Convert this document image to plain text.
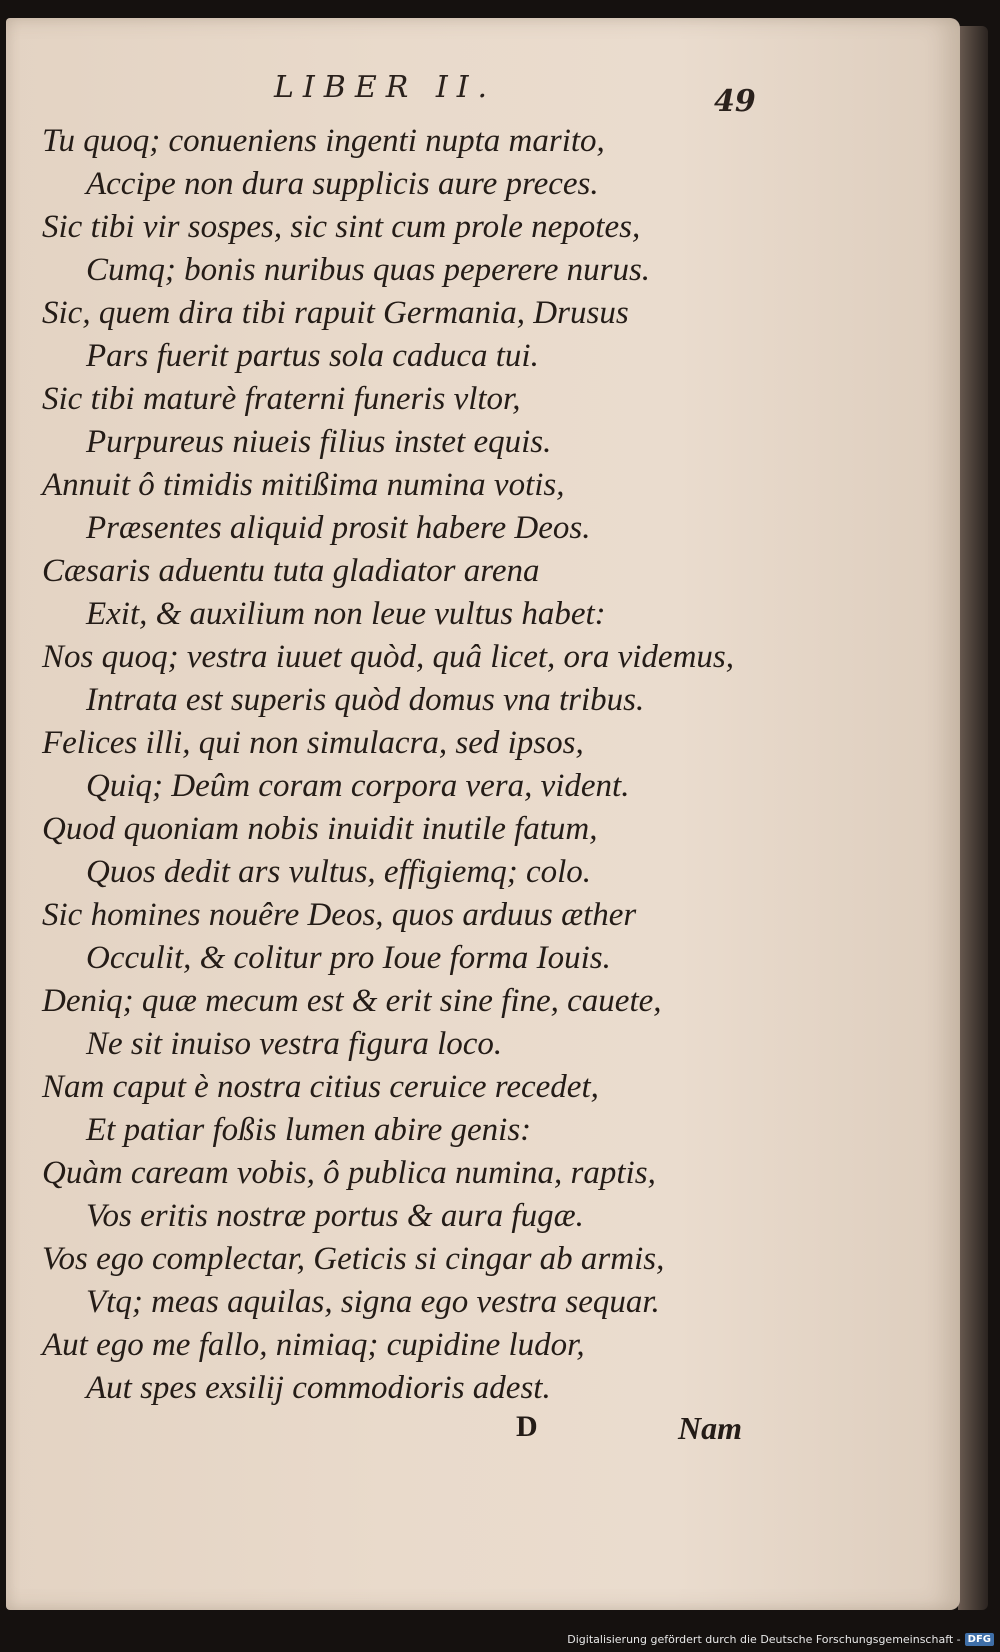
LIBER II.	49
Tu quoq; conueniens ingenti nupta marito,
Accipe non dura supplicis aure preces.
Sic tibi vir sospes, sic sint cum prole nepotes,
Cumq; bonis nuribus quas peperere nurus.
Sic, quem dira tibi rapuit Germania, Drusus
Pars fuerit partus sola caduca tui.
Sic tibi maturè fraterni funeris vltor,
Purpureus niueis filius instet equis.
Annuit ô timidis mitißima numina votis,
Præsentes aliquid prosit habere Deos.
Cæsaris aduentu tuta gladiator arena
Exit, & auxilium non leue vultus habet:
Nos quoq; vestra iuuet quòd, quâ licet, ora videmus,
Intrata est superis quòd domus vna tribus.
Felices illi, qui non simulacra, sed ipsos,
Quiq; Deûm coram corpora vera, vident.
Quod quoniam nobis inuidit inutile fatum,
Quos dedit ars vultus, effigiemq; colo.
Sic homines nouêre Deos, quos arduus æther
Occulit, & colitur pro Ioue forma Iouis.
Deniq; quæ mecum est & erit sine fine, cauete,
Ne sit inuiso vestra figura loco.
Nam caput è nostra citius ceruice recedet,
Et patiar foßis lumen abire genis:
Quàm caream vobis, ô publica numina, raptis,
Vos eritis nostræ portus & aura fugæ.
Vos ego complectar, Geticis si cingar ab armis,
Vtq; meas aquilas, signa ego vestra sequar.
Aut ego me fallo, nimiaq; cupidine ludor,
Aut spes exsilij commodioris adest.
D	Nam
Digitalisierung gefördert durch die Deutsche Forschungsgemeinschaft - DFG
